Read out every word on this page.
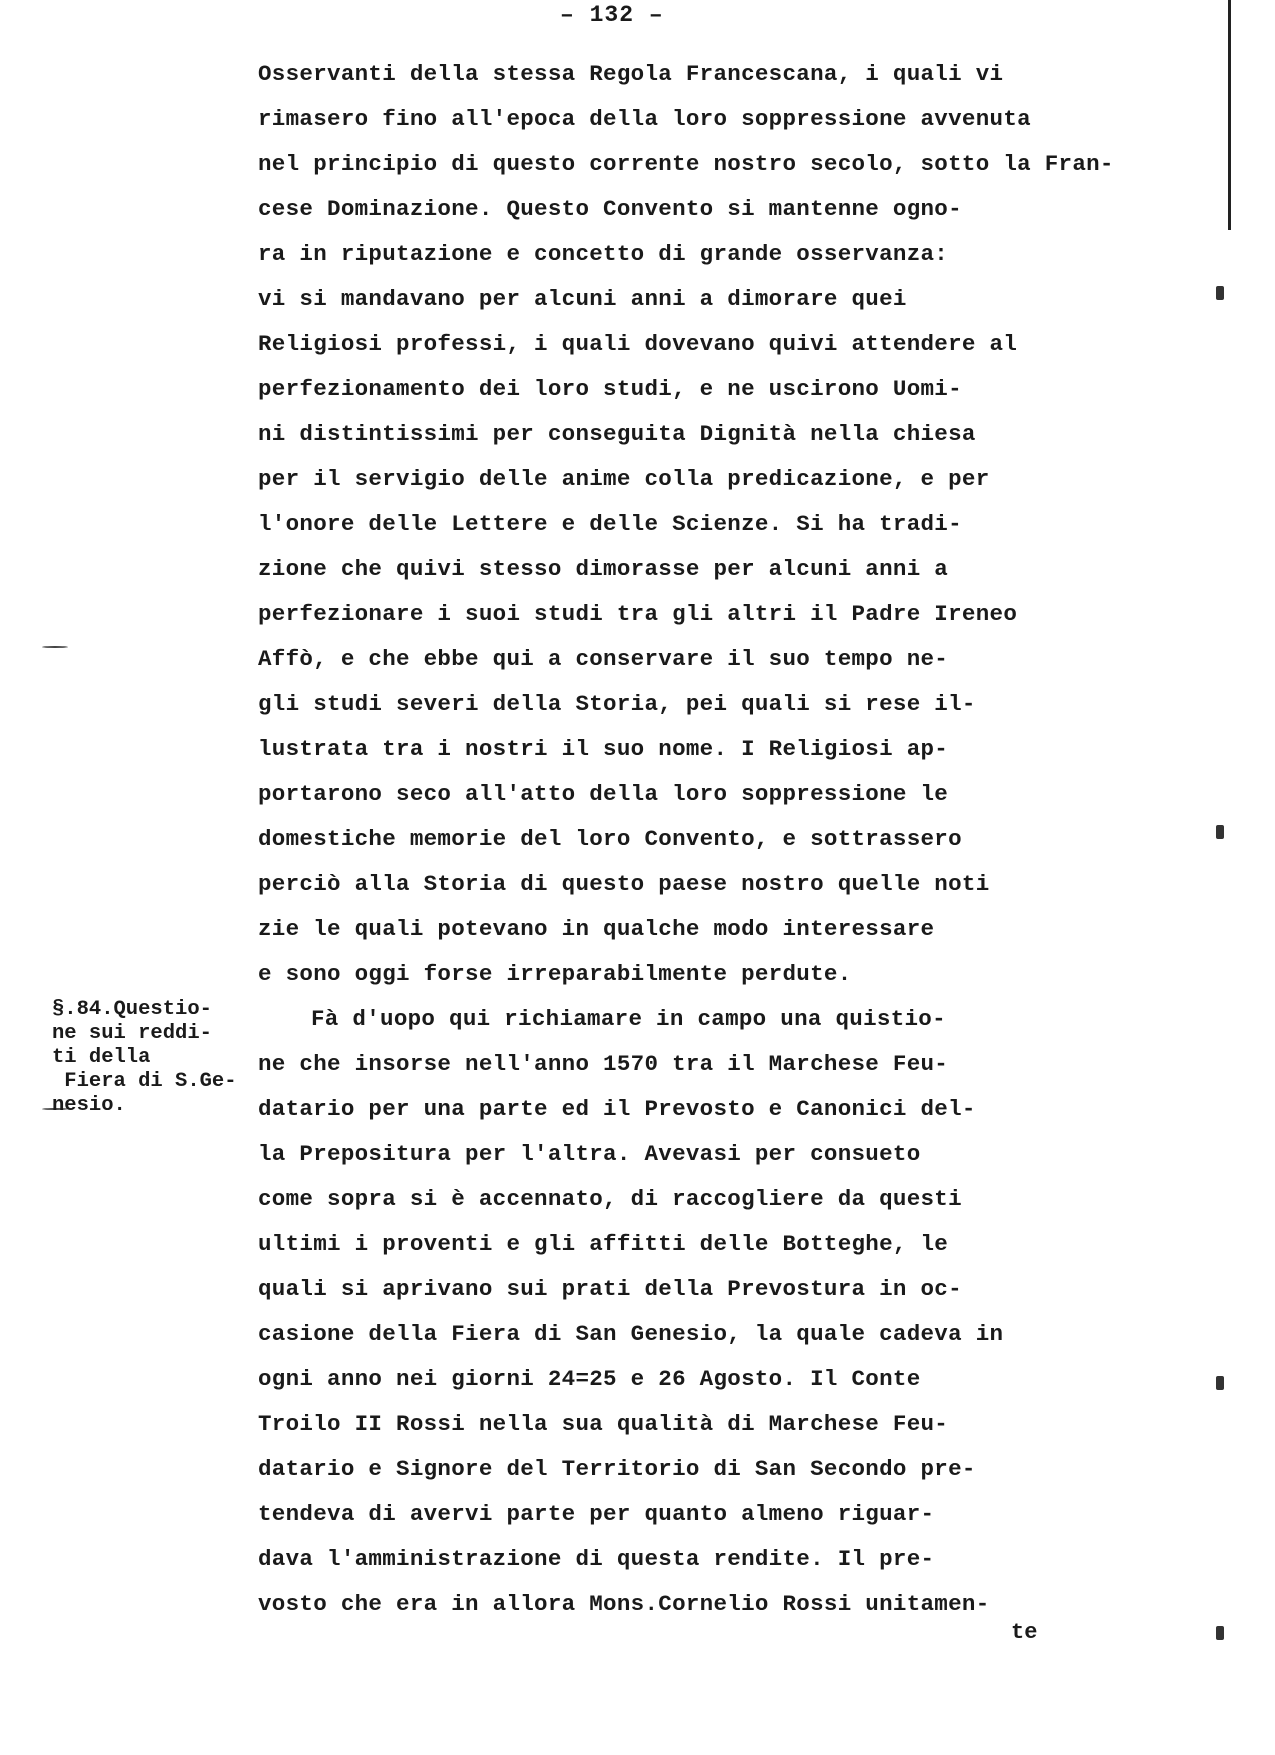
– 132 –
Osservanti della stessa Regola Francescana, i quali vi
rimasero fino all'epoca della loro soppressione avvenuta
nel principio di questo corrente nostro secolo, sotto la Fran-
cese Dominazione. Questo Convento si mantenne ogno-
ra in riputazione e concetto di grande osservanza:
vi si mandavano per alcuni anni a dimorare quei
Religiosi professi, i quali dovevano quivi attendere al
perfezionamento dei loro studi, e ne uscirono Uomi-
ni distintissimi per conseguita Dignità nella chiesa
per il servigio delle anime colla predicazione, e per
l'onore delle Lettere e delle Scienze. Si ha tradi-
zione che quivi stesso dimorasse per alcuni anni a
perfezionare i suoi studi tra gli altri il Padre Ireneo
Affò, e che ebbe qui a conservare il suo tempo ne-
gli studi severi della Storia, pei quali si rese il-
lustrata tra i nostri il suo nome. I Religiosi ap-
portarono seco all'atto della loro soppressione le
domestiche memorie del loro Convento, e sottrassero
perciò alla Storia di questo paese nostro quelle noti
zie le quali potevano in qualche modo interessare
e sono oggi forse irreparabilmente perdute.
Fà d'uopo qui richiamare in campo una quistio-
ne che insorse nell'anno 1570 tra il Marchese Feu-
datario per una parte ed il Prevosto e Canonici del-
la Prepositura per l'altra. Avevasi per consueto
come sopra si è accennato, di raccogliere da questi
ultimi i proventi e gli affitti delle Botteghe, le
quali si aprivano sui prati della Prevostura in oc-
casione della Fiera di San Genesio, la quale cadeva in
ogni anno nei giorni 24=25 e 26 Agosto. Il Conte
Troilo II Rossi nella sua qualità di Marchese Feu-
datario e Signore del Territorio di San Secondo pre-
tendeva di avervi parte per quanto almeno riguar-
dava l'amministrazione di questa rendite. Il pre-
vosto che era in allora Mons.Cornelio Rossi unitamen-
te
§.84.Questio-
ne sui reddi-
ti della
Fiera di S.Ge-
nesio.
